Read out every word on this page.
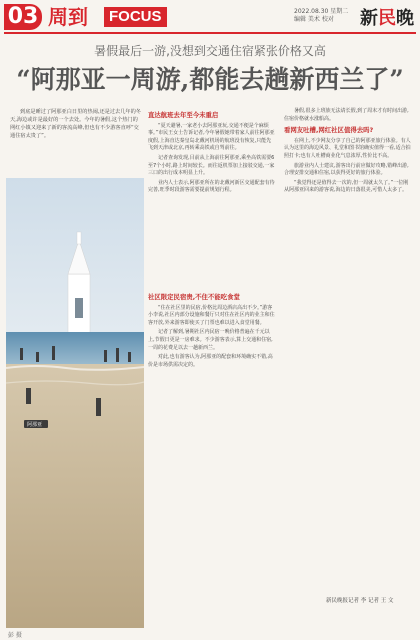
03 周到	FOCUS	2022.08.30 星期二
编辑 美术 校对	新民晚
暑假最后一游,没想到交通住宿紧张价格又高
“阿那亚一周游,都能去趟新西兰了”
到底是睡过了阿那亚白日里的热闹,还是过去几年的冬天,海边或许是最好的一个去处。今年的暑假,这个热门的网红小镇又迎来了新的客流高峰,但也有不少游客直呼“交通住宿太贵了”。
阿那亚
直达航班去年至今未重启

“夏天避暑,一家老小去阿那亚玩,交通不便是个麻烦事。”市民王女士告诉记者,今年暑假她带着家人前往阿那亚度假,上海直达秦皇岛北戴河机场的航班没有恢复,只能先飞到天津或北京,再转乘高铁或自驾前往。

记者查询发现,目前从上海前往阿那亚,乘坐高铁需要6至7个小时,路上时间较长。而往返机票加上接驳交通,一家三口的出行成本明显上升。

业内人士表示,阿那亚所在的北戴河新区交通配套有待完善,旺季时段游客需要提前规划行程。

社区限定民宿贵,不住不能吃食堂

“住在社区里的民宿,价格比周边酒店高出不少。”游客小李说,社区内部分设施和餐厅只对住在社区内的业主和住客开放,外来游客即使买了门票也难以进入食堂用餐。

记者了解到,暑期社区内民宿一晚价格普遍在千元以上,节假日更是一房难求。不少游客表示,算上交通和住宿,一周的花费足以去一趟新西兰。

对此,也有游客认为,阿那亚的配套和环境确实不错,高价是市场供需决定的。

暑假,很多上班族无法请长假,到了周末才有时间出游,住宿价格就水涨船高。

看网友吐槽,网红社区值得去吗?

在网上,不少网友分享了自己的阿那亚旅行体验。有人认为这里的海边风景、礼堂和图书馆确实值得一看,适合拍照打卡;也有人吐槽商业化气息浓厚,性价比不高。

旅游业内人士建议,游客出行前应做好攻略,错峰出游,合理安排交通和住宿,以获得更好的旅行体验。

“我觉得还是值得去一次的,但一周就太久了。”一位刚从阿那亚回来的游客说,海边的日落很美,可惜人太多了。

新民晚报记者 李 记者 王 文
彭 摄
